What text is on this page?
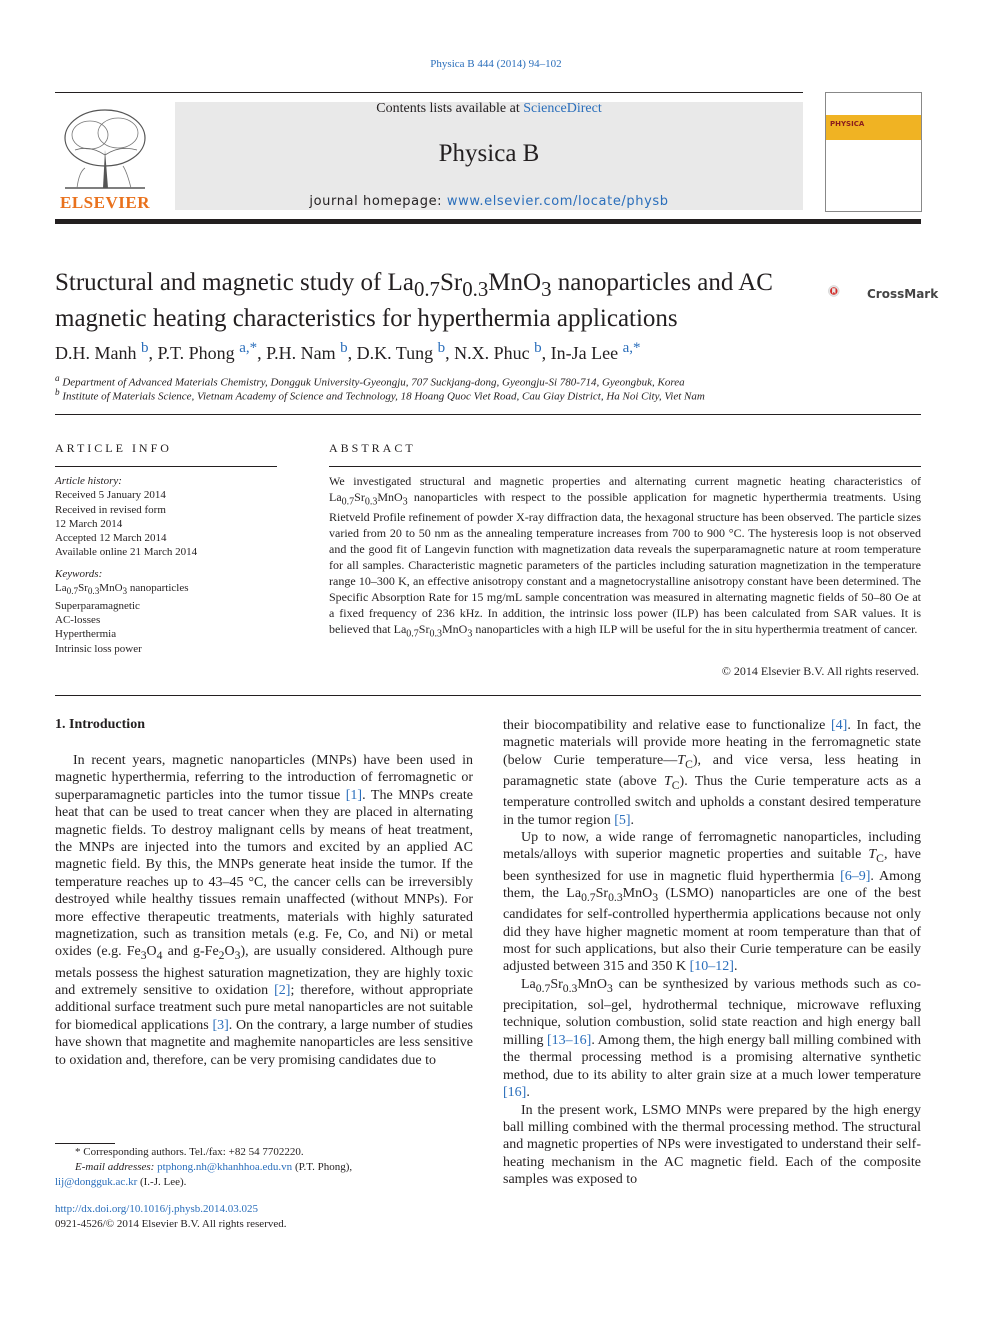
Physica B 444 (2014) 94–102
ELSEVIER
Contents lists available at ScienceDirect
Physica B
journal homepage: www.elsevier.com/locate/physb
PHYSICA
Structural and magnetic study of $La_{0.7}Sr_{0.3}MnO_3$ nanoparticles and AC magnetic heating characteristics for hyperthermia applications
CrossMark
D.H. Manh $^b$, P.T. Phong $^{a,*}$, P.H. Nam $^b$, D.K. Tung $^b$, N.X. Phuc $^b$, In-Ja Lee $^{a,*}$
$^a$ Department of Advanced Materials Chemistry, Dongguk University-Gyeongju, 707 Suckjang-dong, Gyeongju-Si 780-714, Gyeongbuk, Korea
$^b$ Institute of Materials Science, Vietnam Academy of Science and Technology, 18 Hoang Quoc Viet Road, Cau Giay District, Ha Noi City, Viet Nam
ARTICLE INFO
Article history:
Received 5 January 2014
Received in revised form
12 March 2014
Accepted 12 March 2014
Available online 21 March 2014
Keywords:
$La_{0.7}Sr_{0.3}MnO_3$ nanoparticles
Superparamagnetic
AC-losses
Hyperthermia
Intrinsic loss power
ABSTRACT
We investigated structural and magnetic properties and alternating current magnetic heating characteristics of $La_{0.7}Sr_{0.3}MnO_3$ nanoparticles with respect to the possible application for magnetic hyperthermia treatments. Using Rietveld Profile refinement of powder X-ray diffraction data, the hexagonal structure has been observed. The particle sizes varied from 20 to 50 nm as the annealing temperature increases from 700 to 900 °C. The hysteresis loop is not observed and the good fit of Langevin function with magnetization data reveals the superparamagnetic nature at room temperature for all samples. Characteristic magnetic parameters of the particles including saturation magnetization in the temperature range 10–300 K, an effective anisotropy constant and a magnetocrystalline anisotropy constant have been determined. The Specific Absorption Rate for 15 mg/mL sample concentration was measured in alternating magnetic fields of 50–80 Oe at a fixed frequency of 236 kHz. In addition, the intrinsic loss power (ILP) has been calculated from SAR values. It is believed that $La_{0.7}Sr_{0.3}MnO_3$ nanoparticles with a high ILP will be useful for the in situ hyperthermia treatment of cancer.
© 2014 Elsevier B.V. All rights reserved.
1. Introduction

In recent years, magnetic nanoparticles (MNPs) have been used in magnetic hyperthermia, referring to the introduction of ferromagnetic or superparamagnetic particles into the tumor tissue [1]. The MNPs create heat that can be used to treat cancer when they are placed in alternating magnetic fields. To destroy malignant cells by means of heat treatment, the MNPs are injected into the tumors and excited by an applied AC magnetic field. By this, the MNPs generate heat inside the tumor. If the temperature reaches up to 43–45 °C, the cancer cells can be irreversibly destroyed while healthy tissues remain unaffected (without MNPs). For more effective therapeutic treatments, materials with highly saturated magnetization, such as transition metals (e.g. Fe, Co, and Ni) or metal oxides (e.g. $Fe_3O_4$ and $g-Fe_2O_3$), are usually considered. Although pure metals possess the highest saturation magnetization, they are highly toxic and extremely sensitive to oxidation [2]; therefore, without appropriate additional surface treatment such pure metal nanoparticles are not suitable for biomedical applications [3]. On the contrary, a large number of studies have shown that magnetite and maghemite nanoparticles are less sensitive to oxidation and, therefore, can be very promising candidates due to

their biocompatibility and relative ease to functionalize [4]. In fact, the magnetic materials will provide more heating in the ferromagnetic state (below Curie $temperature—T_C$), and vice versa, less heating in paramagnetic state (above $T_C$). Thus the Curie temperature acts as a temperature controlled switch and upholds a constant desired temperature in the tumor region [5].

Up to now, a wide range of ferromagnetic nanoparticles, including metals/alloys with superior magnetic properties and suitable $T_C$, have been synthesized for use in magnetic fluid hyperthermia [6–9]. Among them, the $La_{0.7}Sr_{0.3}MnO_3$ (LSMO) nanoparticles are one of the best candidates for self-controlled hyperthermia applications because not only did they have higher magnetic moment at room temperature than that of most for such applications, but also their Curie temperature can be easily adjusted between 315 and 350 K [10–12].

$La_{0.7}Sr_{0.3}MnO_3$ can be synthesized by various methods such as co-precipitation, sol–gel, hydrothermal technique, microwave refluxing technique, solution combustion, solid state reaction and high energy ball milling [13–16]. Among them, the high energy ball milling combined with the thermal processing method is a promising alternative synthetic method, due to its ability to alter grain size at a much lower temperature [16].

In the present work, LSMO MNPs were prepared by the high energy ball milling combined with the thermal processing method. The structural and magnetic properties of NPs were investigated to understand their self-heating mechanism in the AC magnetic field. Each of the composite samples was exposed to

* Corresponding authors. Tel./fax: +82 54 7702220.
E-mail addresses: ptphong.nh@khanhhoa.edu.vn (P.T. Phong),
lij@dongguk.ac.kr (I.-J. Lee).
http://dx.doi.org/10.1016/j.physb.2014.03.025
0921-4526/© 2014 Elsevier B.V. All rights reserved.
